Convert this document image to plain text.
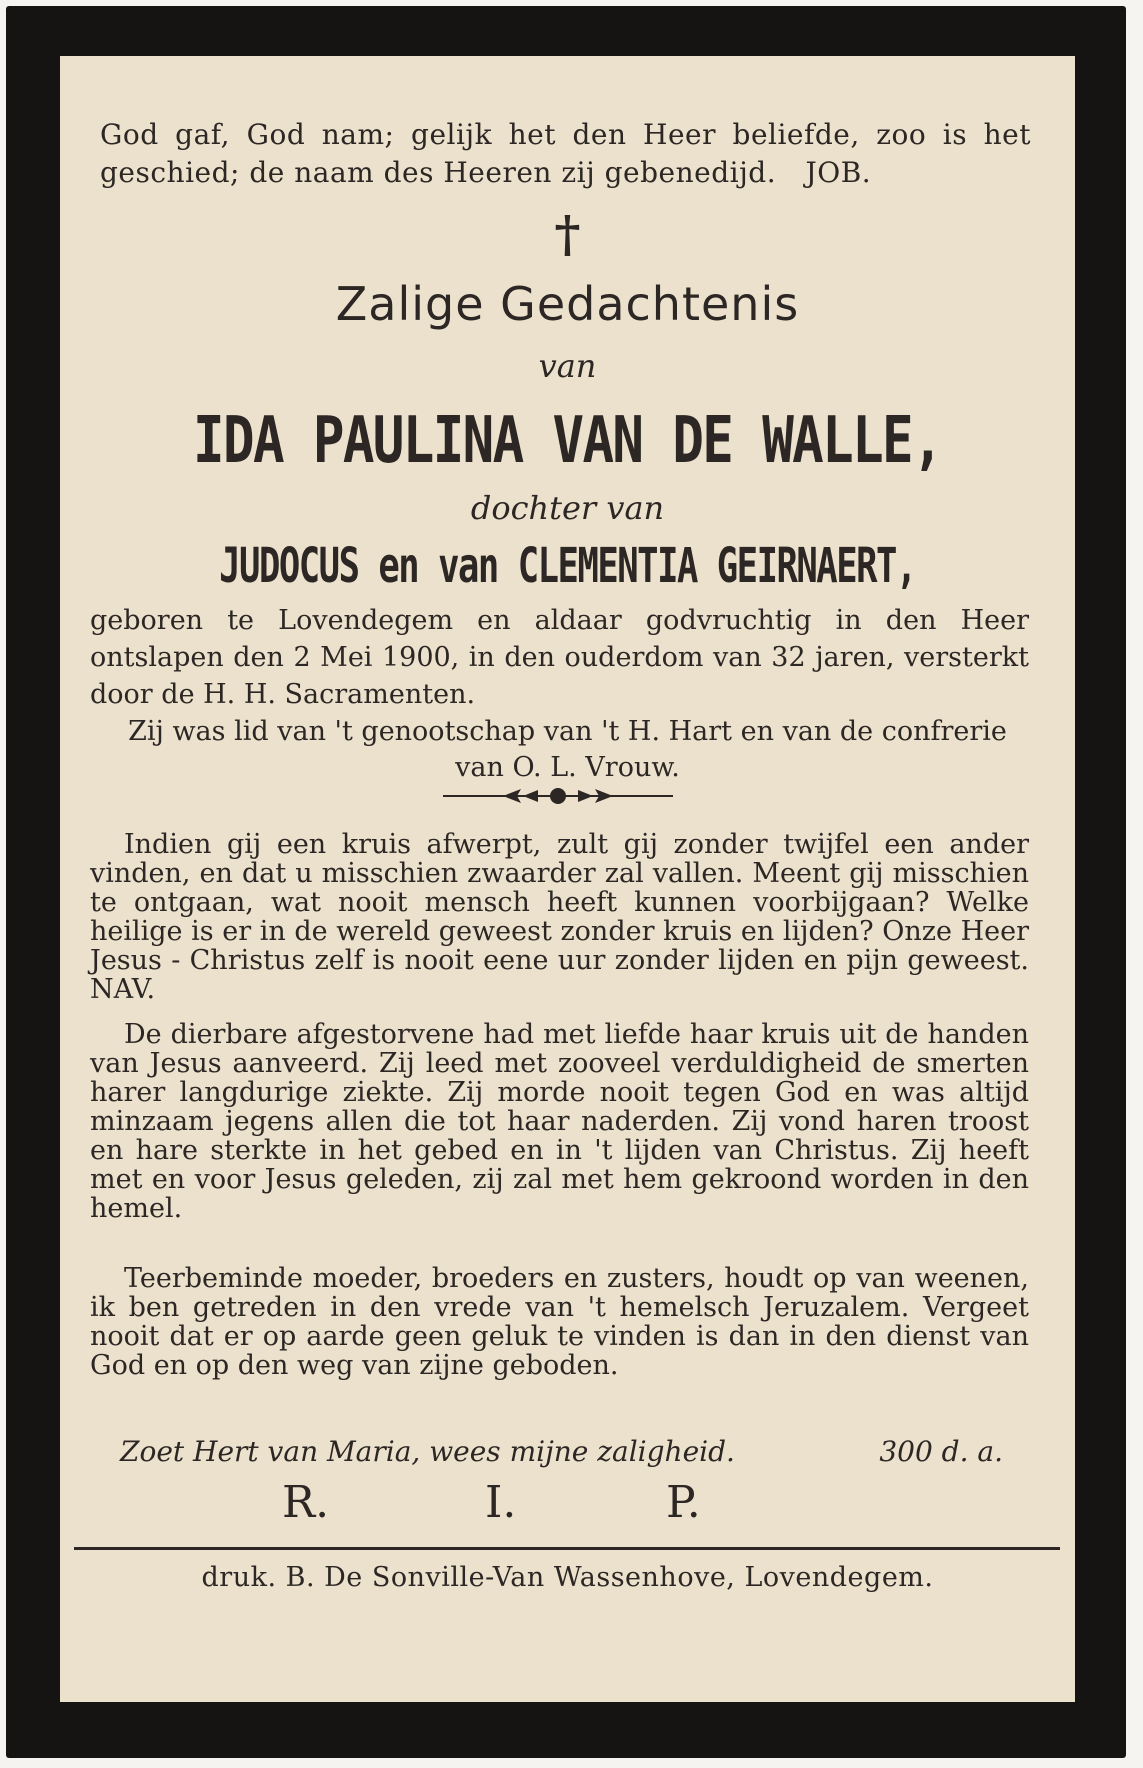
God gaf, God nam; gelijk het den Heer beliefde, zoo is het geschied; de naam des Heeren zij gebenedijd. JOB.
†
Zalige Gedachtenis
van
IDA PAULINA VAN DE WALLE,
dochter van
JUDOCUS en van CLEMENTIA GEIRNAERT,
geboren te Lovendegem en aldaar godvruchtig in den Heer ontslapen den 2 Mei 1900, in den ouderdom van 32 jaren, versterkt door de H. H. Sacramenten.
Zij was lid van 't genootschap van 't H. Hart en van de confrerie van O. L. Vrouw.
Indien gij een kruis afwerpt, zult gij zonder twijfel een ander vinden, en dat u misschien zwaarder zal vallen. Meent gij misschien te ontgaan, wat nooit mensch heeft kunnen voorbijgaan? Welke heilige is er in de wereld geweest zonder kruis en lijden? Onze Heer Jesus - Christus zelf is nooit eene uur zonder lijden en pijn geweest. NAV.
De dierbare afgestorvene had met liefde haar kruis uit de handen van Jesus aanveerd. Zij leed met zooveel verduldigheid de smerten harer langdurige ziekte. Zij morde nooit tegen God en was altijd minzaam jegens allen die tot haar naderden. Zij vond haren troost en hare sterkte in het gebed en in 't lijden van Christus. Zij heeft met en voor Jesus geleden, zij zal met hem gekroond worden in den hemel.
Teerbeminde moeder, broeders en zusters, houdt op van weenen, ik ben getreden in den vrede van 't hemelsch Jeruzalem. Vergeet nooit dat er op aarde geen geluk te vinden is dan in den dienst van God en op den weg van zijne geboden.
Zoet Hert van Maria, wees mijne zaligheid.	300 d. a.
R.	I.	P.
druk. B. De Sonville-Van Wassenhove, Lovendegem.
